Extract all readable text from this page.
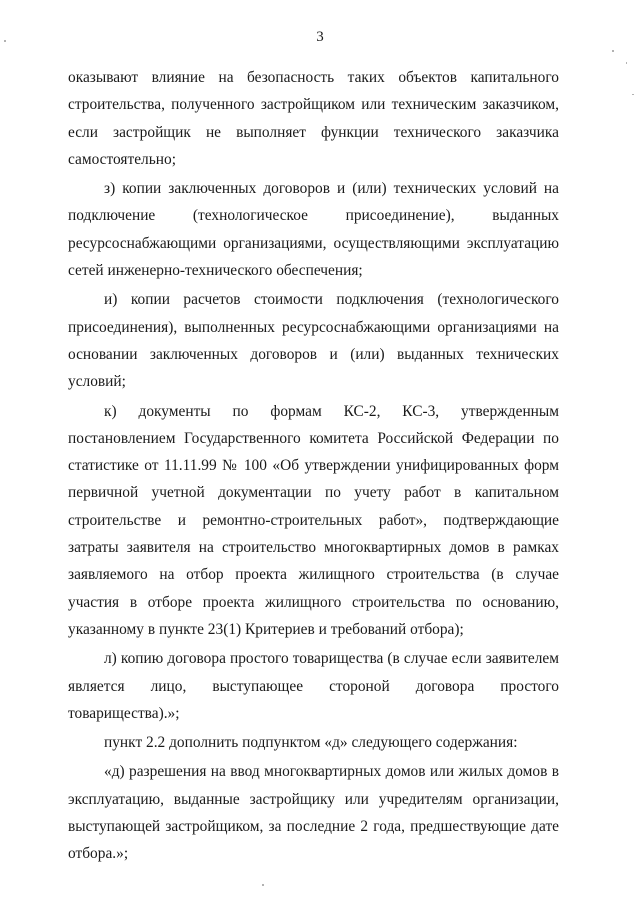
3

оказывают влияние на безопасность таких объектов капитального строительства, полученного застройщиком или техническим заказчиком, если застройщик не выполняет функции технического заказчика самостоятельно;

з) копии заключенных договоров и (или) технических условий на подключение (технологическое присоединение), выданных ресурсоснабжающими организациями, осуществляющими эксплуатацию сетей инженерно-технического обеспечения;

и) копии расчетов стоимости подключения (технологического присоединения), выполненных ресурсоснабжающими организациями на основании заключенных договоров и (или) выданных технических условий;

к) документы по формам КС-2, КС-3, утвержденным постановлением Государственного комитета Российской Федерации по статистике от 11.11.99 № 100 «Об утверждении унифицированных форм первичной учетной документации по учету работ в капитальном строительстве и ремонтно-строительных работ», подтверждающие затраты заявителя на строительство многоквартирных домов в рамках заявляемого на отбор проекта жилищного строительства (в случае участия в отборе проекта жилищного строительства по основанию, указанному в пункте 23(1) Критериев и требований отбора);

л) копию договора простого товарищества (в случае если заявителем является лицо, выступающее стороной договора простого товарищества).»;

пункт 2.2 дополнить подпунктом «д» следующего содержания:

«д) разрешения на ввод многоквартирных домов или жилых домов в эксплуатацию, выданные застройщику или учредителям организации, выступающей застройщиком, за последние 2 года, предшествующие дате отбора.»;
